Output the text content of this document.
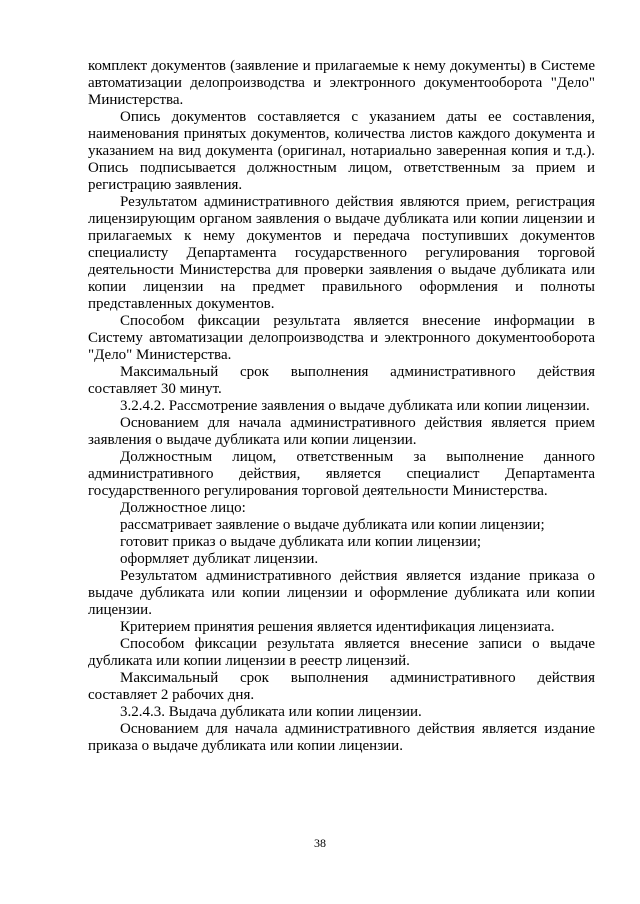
комплект документов (заявление и прилагаемые к нему документы) в Системе автоматизации делопроизводства и электронного документооборота "Дело" Министерства.

Опись документов составляется с указанием даты ее составления, наименования принятых документов, количества листов каждого документа и указанием на вид документа (оригинал, нотариально заверенная копия и т.д.). Опись подписывается должностным лицом, ответственным за прием и регистрацию заявления.

Результатом административного действия являются прием, регистрация лицензирующим органом заявления о выдаче дубликата или копии лицензии и прилагаемых к нему документов и передача поступивших документов специалисту Департамента государственного регулирования торговой деятельности Министерства для проверки заявления о выдаче дубликата или копии лицензии на предмет правильного оформления и полноты представленных документов.

Способом фиксации результата является внесение информации в Систему автоматизации делопроизводства и электронного документооборота "Дело" Министерства.

Максимальный срок выполнения административного действия составляет 30 минут.

3.2.4.2. Рассмотрение заявления о выдаче дубликата или копии лицензии.

Основанием для начала административного действия является прием заявления о выдаче дубликата или копии лицензии.

Должностным лицом, ответственным за выполнение данного административного действия, является специалист Департамента государственного регулирования торговой деятельности Министерства.

Должностное лицо:

рассматривает заявление о выдаче дубликата или копии лицензии;

готовит приказ о выдаче дубликата или копии лицензии;

оформляет дубликат лицензии.

Результатом административного действия является издание приказа о выдаче дубликата или копии лицензии и оформление дубликата или копии лицензии.

Критерием принятия решения является идентификация лицензиата.

Способом фиксации результата является внесение записи о выдаче дубликата или копии лицензии в реестр лицензий.

Максимальный срок выполнения административного действия составляет 2 рабочих дня.

3.2.4.3. Выдача дубликата или копии лицензии.

Основанием для начала административного действия является издание приказа о выдаче дубликата или копии лицензии.

38
